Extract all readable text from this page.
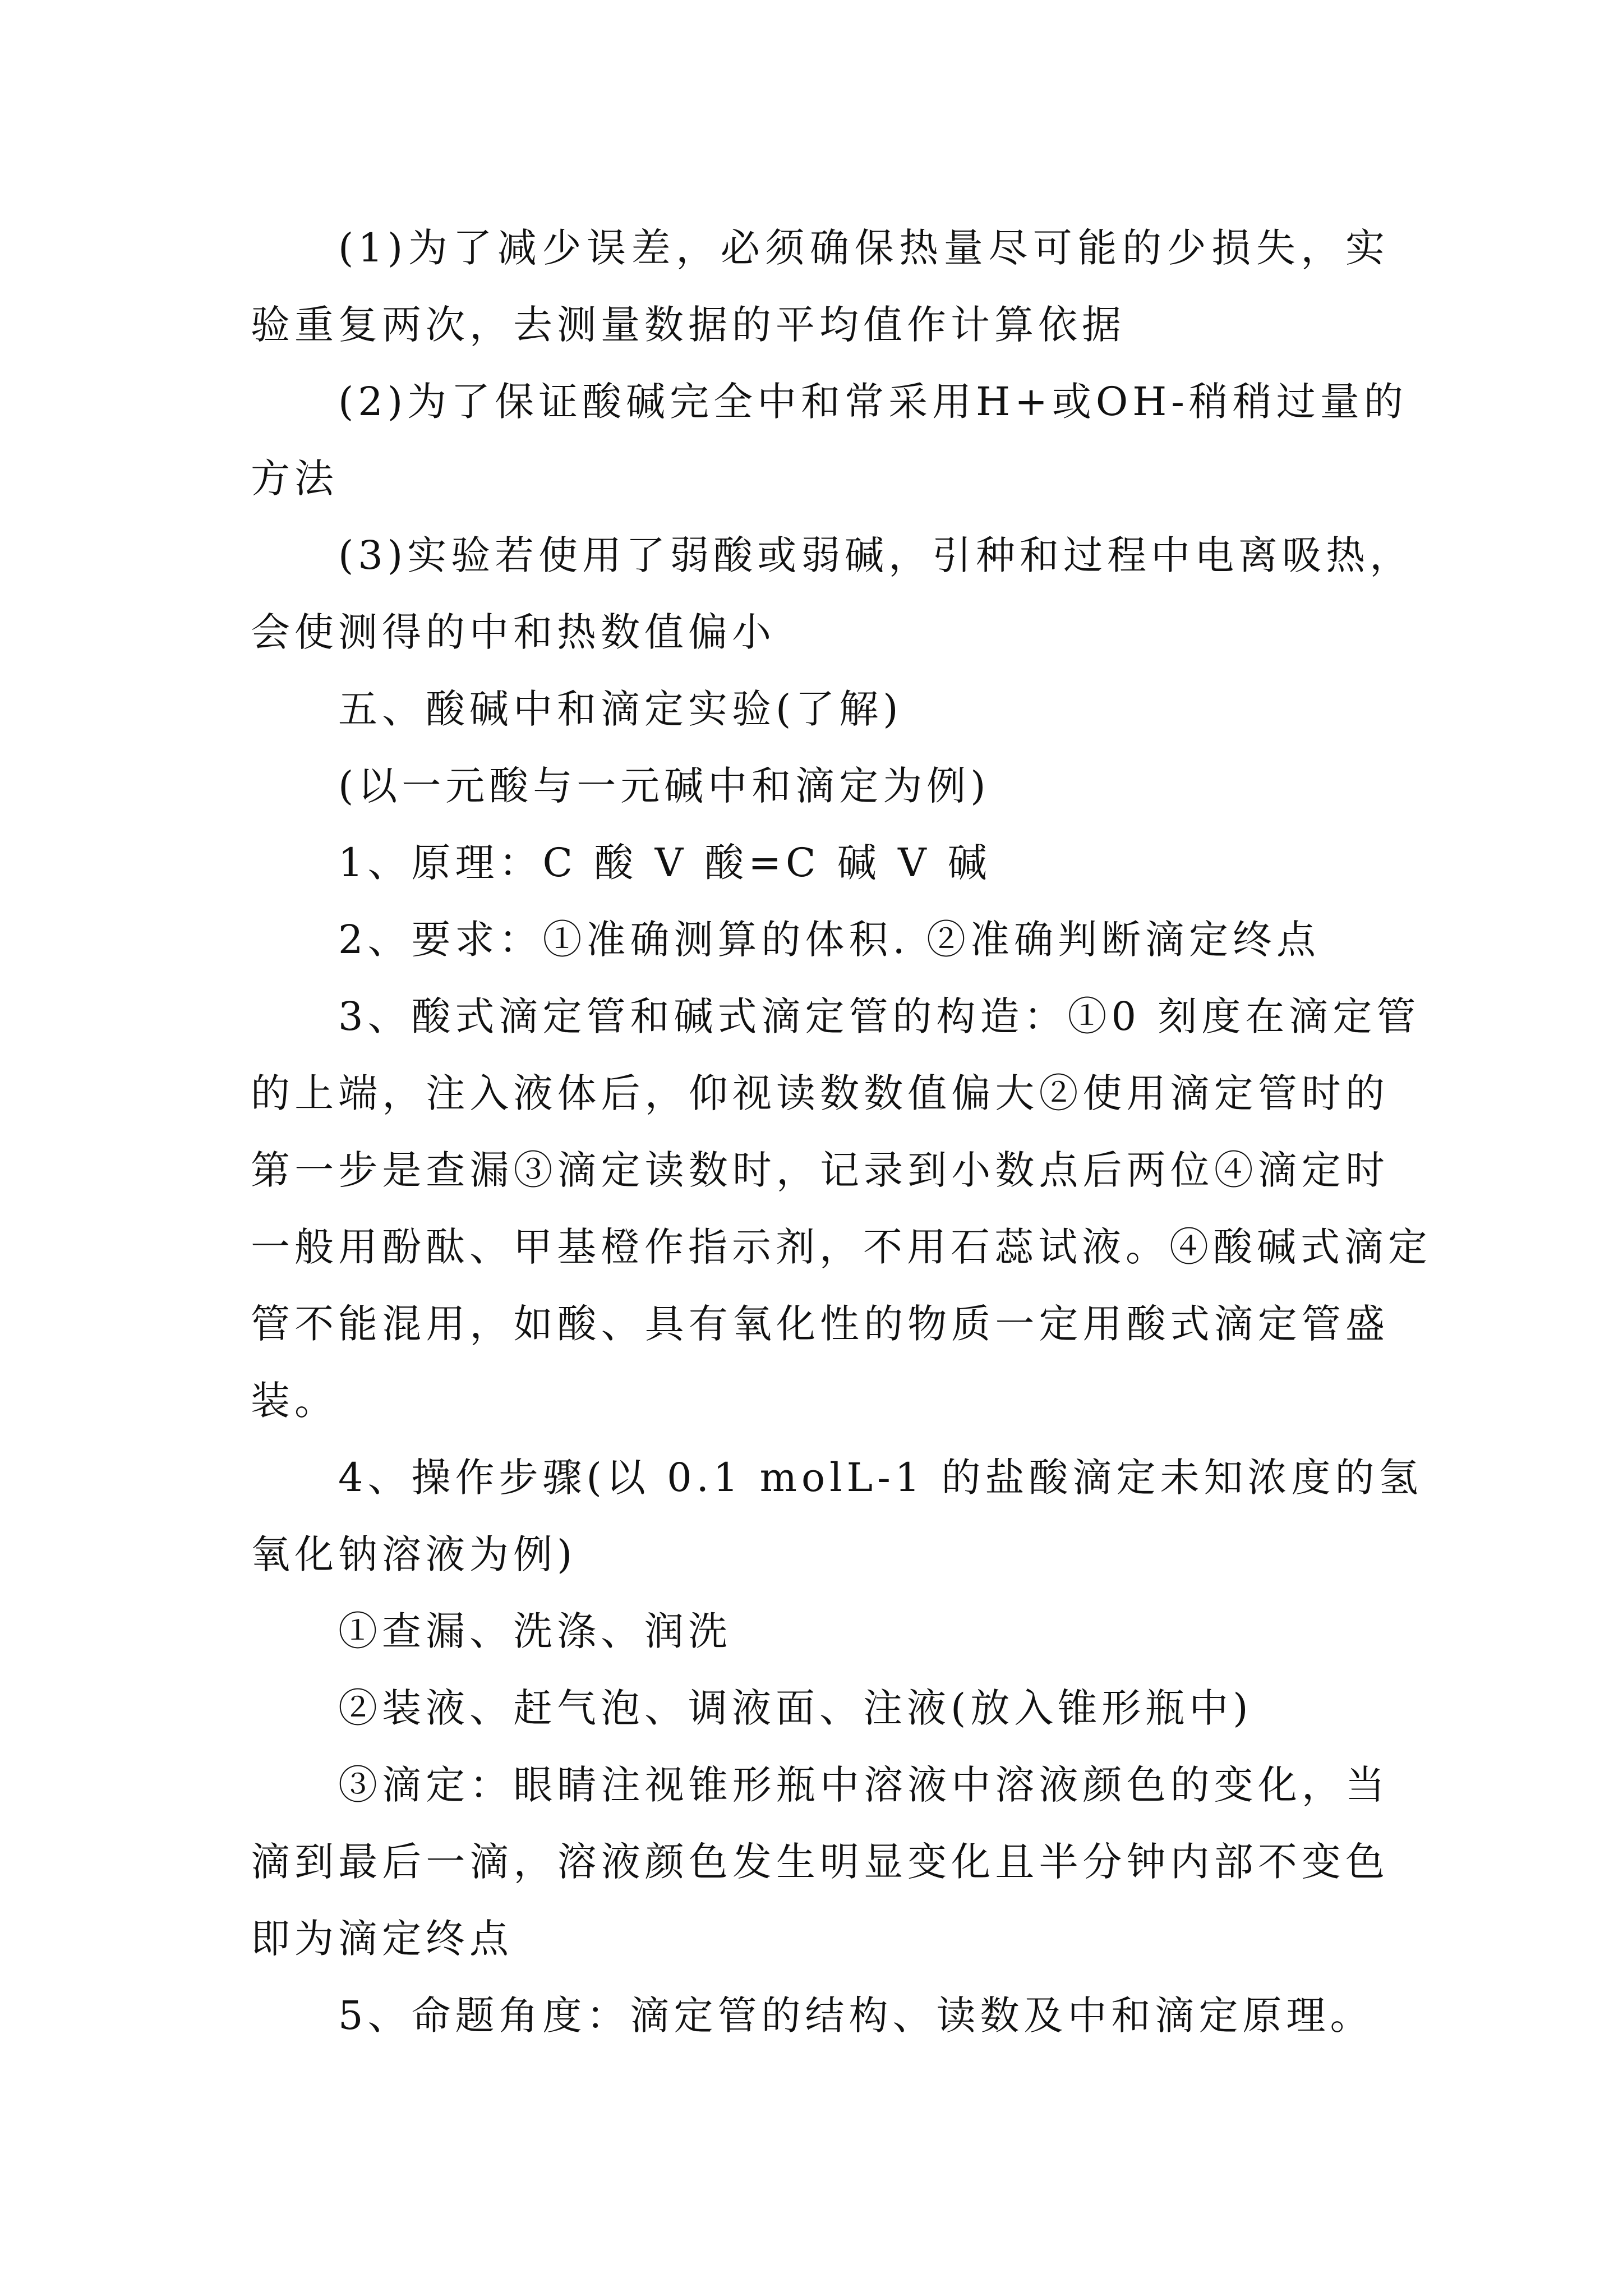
(1)为了减少误差，必须确保热量尽可能的少损失，实
验重复两次，去测量数据的平均值作计算依据
(2)为了保证酸碱完全中和常采用H+或OH-稍稍过量的
方法
(3)实验若使用了弱酸或弱碱，引种和过程中电离吸热，
会使测得的中和热数值偏小
五、酸碱中和滴定实验(了解)
(以一元酸与一元碱中和滴定为例)
1、原理：C 酸 V 酸=C 碱 V 碱
2、要求：①准确测算的体积. ②准确判断滴定终点
3、酸式滴定管和碱式滴定管的构造：①0 刻度在滴定管
的上端，注入液体后，仰视读数数值偏大②使用滴定管时的
第一步是查漏③滴定读数时，记录到小数点后两位④滴定时
一般用酚酞、甲基橙作指示剂，不用石蕊试液。④酸碱式滴定
管不能混用，如酸、具有氧化性的物质一定用酸式滴定管盛
装。
4、操作步骤(以 0.1 molL-1 的盐酸滴定未知浓度的氢
氧化钠溶液为例)
①查漏、洗涤、润洗
②装液、赶气泡、调液面、注液(放入锥形瓶中)
③滴定：眼睛注视锥形瓶中溶液中溶液颜色的变化，当
滴到最后一滴，溶液颜色发生明显变化且半分钟内部不变色
即为滴定终点
5、命题角度：滴定管的结构、读数及中和滴定原理。
